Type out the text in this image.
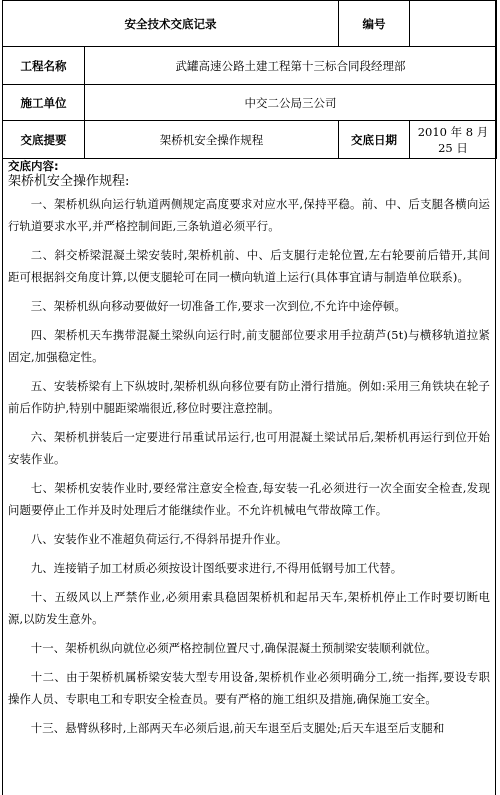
安全技术交底记录		编号	
工程名称	武罐高速公路土建工程第十三标合同段经理部		
施工单位	中交二公局三公司		
交底提要	架桥机安全操作规程	交底日期	2010 年 8 月
25 日
交底内容:
架桥机安全操作规程:

一、架桥机纵向运行轨道两侧规定高度要求对应水平,保持平稳。前、中、后支腿各横向运行轨道要求水平,并严格控制间距,三条轨道必须平行。

二、斜交桥梁混凝土梁安装时,架桥机前、中、后支腿行走轮位置,左右轮要前后错开,其间距可根据斜交角度计算,以便支腿轮可在同一横向轨道上运行(具体事宜请与制造单位联系)。

三、架桥机纵向移动要做好一切准备工作,要求一次到位,不允许中途停顿。

四、架桥机天车携带混凝土梁纵向运行时,前支腿部位要求用手拉葫芦(5t)与横移轨道拉紧固定,加强稳定性。

五、安装桥梁有上下纵坡时,架桥机纵向移位要有防止滑行措施。例如:采用三角铁块在轮子前后作防护,特别中腿距梁端很近,移位时要注意控制。

六、架桥机拼装后一定要进行吊重试吊运行,也可用混凝土梁试吊后,架桥机再运行到位开始安装作业。

七、架桥机安装作业时,要经常注意安全检查,每安装一孔必须进行一次全面安全检查,发现问题要停止工作并及时处理后才能继续作业。不允许机械电气带故障工作。

八、安装作业不准超负荷运行,不得斜吊提升作业。

九、连接销子加工材质必须按设计图纸要求进行,不得用低钢号加工代替。

十、五级风以上严禁作业,必须用索具稳固架桥机和起吊天车,架桥机停止工作时要切断电源,以防发生意外。

十一、架桥机纵向就位必须严格控制位置尺寸,确保混凝土预制梁安装顺利就位。

十二、由于架桥机属桥梁安装大型专用设备,架桥机作业必须明确分工,统一指挥,要设专职操作人员、专职电工和专职安全检查员。要有严格的施工组织及措施,确保施工安全。

十三、悬臂纵移时,上部两天车必须后退,前天车退至后支腿处;后天车退至后支腿和
